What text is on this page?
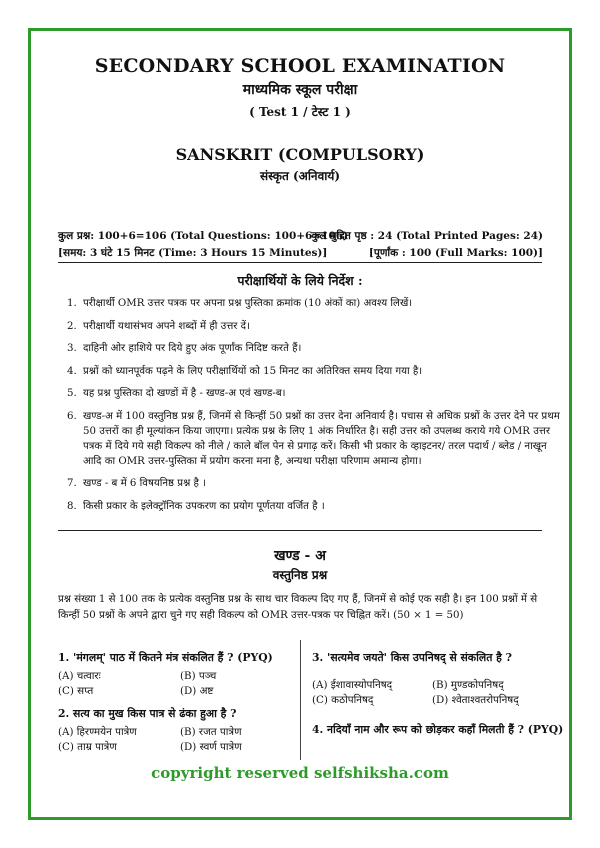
SECONDARY SCHOOL EXAMINATION
माध्यमिक स्कूल परीक्षा
( Test 1 / टेस्ट 1 )
SANSKRIT (COMPULSORY)
संस्कृत (अनिवार्य)
कुल प्रश्न: 100+6=106 (Total Questions: 100+6=106)
कुल मुद्रित पृष्ठ : 24 (Total Printed Pages: 24)
[समय: 3 घंटे 15 मिनट (Time: 3 Hours 15 Minutes)]	[पूर्णांक : 100 (Full Marks: 100)]
परीक्षार्थियों के लिये निर्देश :
1. परीक्षार्थी OMR उत्तर पत्रक पर अपना प्रश्न पुस्तिका क्रमांक (10 अंकों का) अवश्य लिखें।
2. परीक्षार्थी यथासंभव अपने शब्दों में ही उत्तर दें।
3. दाहिनी ओर हाशिये पर दिये हुए अंक पूर्णांक निदिष्ट करते हैं।
4. प्रश्नों को ध्यानपूर्वक पढ़ने के लिए परीक्षार्थियों को 15 मिनट का अतिरिक्त समय दिया गया है।
5. यह प्रश्न पुस्तिका दो खण्डों में है - खण्ड-अ एवं खण्ड-ब।
6. खण्ड-अ में 100 वस्तुनिष्ठ प्रश्न हैं, जिनमें से किन्हीं 50 प्रश्नों का उत्तर देना अनिवार्य है। पचास से अधिक प्रश्नों के उत्तर देने पर प्रथम 50 उत्तरों का ही मूल्यांकन किया जाएगा। प्रत्येक प्रश्न के लिए 1 अंक निर्धारित है। सही उत्तर को उपलब्ध कराये गये OMR उत्तर पत्रक में दिये गये सही विकल्प को नीले / काले बॉल पेन से प्रगाढ़ करें। किसी भी प्रकार के व्हाइटनर/ तरल पदार्थ / ब्लेड / नाखून आदि का OMR उत्तर-पुस्तिका में प्रयोग करना मना है, अन्यथा परीक्षा परिणाम अमान्य होगा।
7. खण्ड - ब में 6 विषयनिष्ठ प्रश्न है ।
8. किसी प्रकार के इलेक्ट्रॉनिक उपकरण का प्रयोग पूर्णतया वर्जित है ।
खण्ड - अ
वस्तुनिष्ठ प्रश्न
प्रश्न संख्या 1 से 100 तक के प्रत्येक वस्तुनिष्ठ प्रश्न के साथ चार विकल्प दिए गए हैं, जिनमें से कोई एक सही है। इन 100 प्रश्नों में से किन्हीं 50 प्रश्नों के अपने द्वारा चुने गए सही विकल्प को OMR उत्तर-पत्रक पर चिह्नित करें। (50 × 1 = 50)
1. 'मंगलम्' पाठ में कितने मंत्र संकलित हैं ? (PYQ)
(A) चत्वारः	(B) पञ्च
(C) सप्त	(D) अष्ट
2. सत्य का मुख किस पात्र से ढंका हुआ है ?
(A) हिरण्मयेन पात्रेण	(B) रजत पात्रेण
(C) ताम्र पात्रेण	(D) स्वर्ण पात्रेण
3. 'सत्यमेव जयते' किस उपनिषद् से संकलित है ?
(A) ईशावास्योपनिषद्	(B) मुण्डकोपनिषद्
(C) कठोपनिषद्	(D) श्वेताश्वतरोपनिषद्
4. नदियाँ नाम और रूप को छोड़कर कहाँ मिलती हैं ? (PYQ)
copyright reserved selfshiksha.com
